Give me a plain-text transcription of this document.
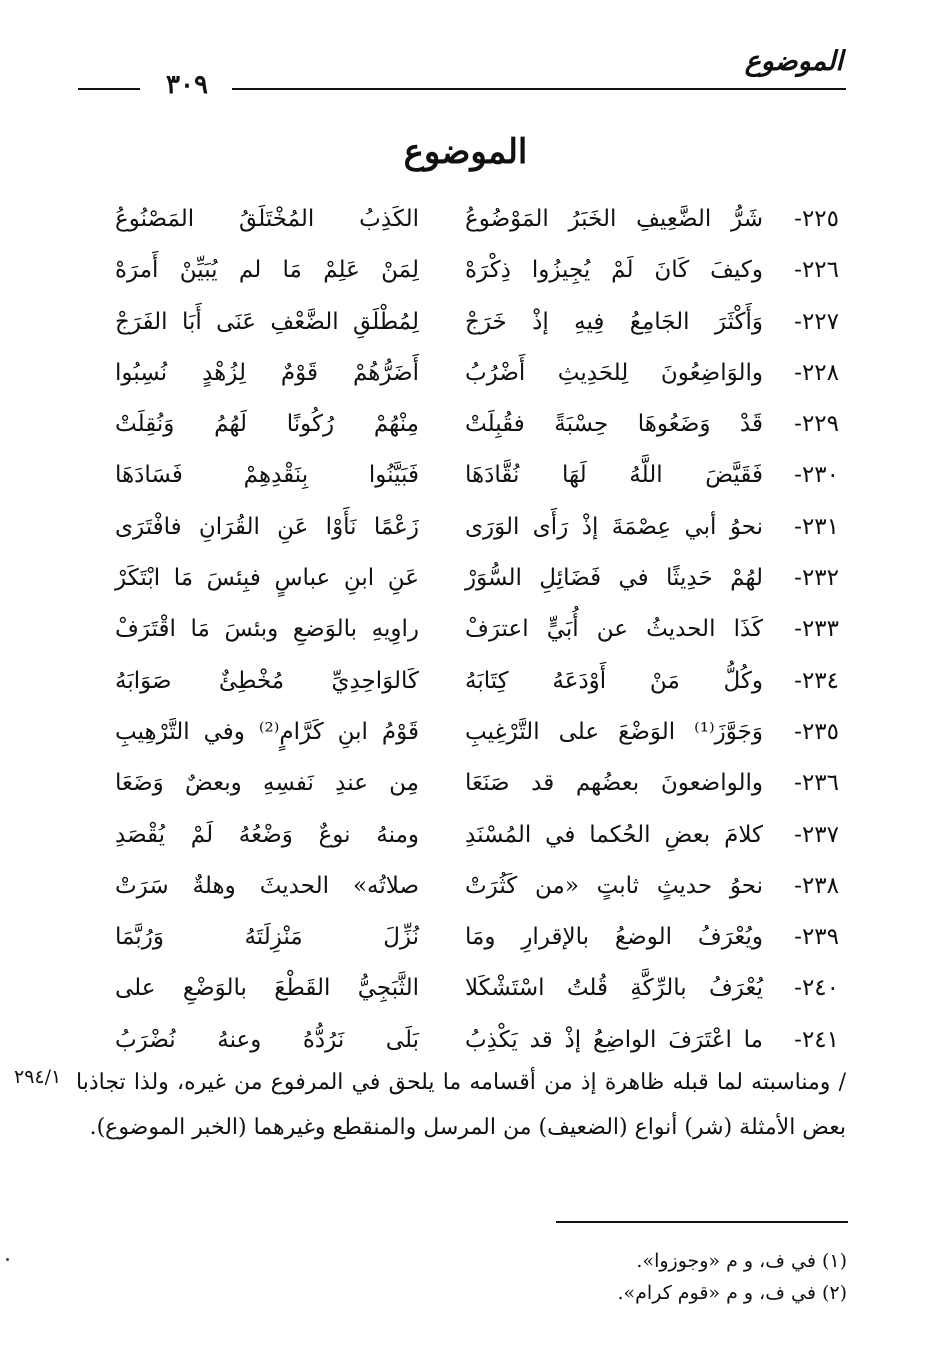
الموضوع
٣٠٩
الموضوع
٢٢٥-
شَرُّ الضَّعِيفِ الخَبَرُ المَوْضُوعُ
الكَذِبُ المُخْتَلَقُ المَصْنُوعُ
٢٢٦-
وكيفَ كَانَ لَمْ يُجِيزُوا ذِكْرَهْ
لِمَنْ عَلِمْ مَا لم يُبَيِّنْ أَمرَهْ
٢٢٧-
وَأَكْثَرَ الجَامِعُ فِيهِ إذْ خَرَجْ
لِمُطْلَقِ الضَّعْفِ عَنَى أَبَا الفَرَجْ
٢٢٨-
والوَاضِعُونَ لِلحَدِيثِ أَضْرُبُ
أَضَرُّهُمْ قَوْمٌ لِزُهْدٍ نُسِبُوا
٢٢٩-
قَدْ وَضَعُوهَا حِسْبَةً فقُبِلَتْ
مِنْهُمْ رُكُونًا لَهُمُ وَنُقِلَتْ
٢٣٠-
فَقَيَّضَ اللَّهُ لَهَا نُقَّادَهَا
فَبَيَّنُوا بِنَقْدِهِمْ فَسَادَهَا
٢٣١-
نحوُ أبي عِصْمَةَ إذْ رَأَى الوَرَى
زَعْمًا نَأَوْا عَنِ القُرَانِ فافْتَرَى
٢٣٢-
لهُمْ حَدِيثًا في فَضَائِلِ السُّوَرْ
عَنِ ابنِ عباسٍ فبِئسَ مَا ابْتَكَرْ
٢٣٣-
كَذَا الحديثُ عن أُبَيٍّ اعترَفْ
راوِيهِ بالوَضعِ وبئسَ مَا اقْتَرَفْ
٢٣٤-
وكُلُّ مَنْ أَوْدَعَهُ كِتَابَهُ
كَالوَاحِدِيِّ مُخْطِئٌ صَوَابَهُ
٢٣٥-
وَجَوَّزَ⁽¹⁾ الوَضْعَ على التَّرْغِيبِ
قَوْمُ ابنِ كَرَّامٍ⁽²⁾ وفي التَّرْهِيبِ
٢٣٦-
والواضعونَ بعضُهم قد صَنَعَا
مِن عندِ نَفسِهِ وبعضٌ وَضَعَا
٢٣٧-
كلامَ بعضِ الحُكما في المُسْنَدِ
ومنهُ نوعٌ وَضْعُهُ لَمْ يُقْصَدِ
٢٣٨-
نحوُ حديثٍ ثابتٍ «من كَثُرَتْ
صلاتُه» الحديثَ وهلةٌ سَرَتْ
٢٣٩-
ويُعْرَفُ الوضعُ بالإقرارِ ومَا
نُزِّلَ مَنْزِلَتَهُ وَرُبَّمَا
٢٤٠-
يُعْرَفُ بالرِّكَّةِ قُلتُ اسْتَشْكَلا
الثَّبَجِيُّ القَطْعَ بالوَضْعِ على
٢٤١-
ما اعْتَرَفَ الواضِعُ إذْ قد يَكْذِبُ
بَلَى نَرُدُّهُ وعنهُ نُضْرَبُ
/ ومناسبته لما قبله ظاهرة إذ من أقسامه ما يلحق في المرفوع من غيره، ولذا تجاذبا بعض الأمثلة (شر) أنواع (الضعيف) من المرسل والمنقطع وغيرهما (الخبر الموضوع).
٢٩٤/١
(١) في ف، و م «وجوزوا».
(٢) في ف، و م «قوم كرام».
